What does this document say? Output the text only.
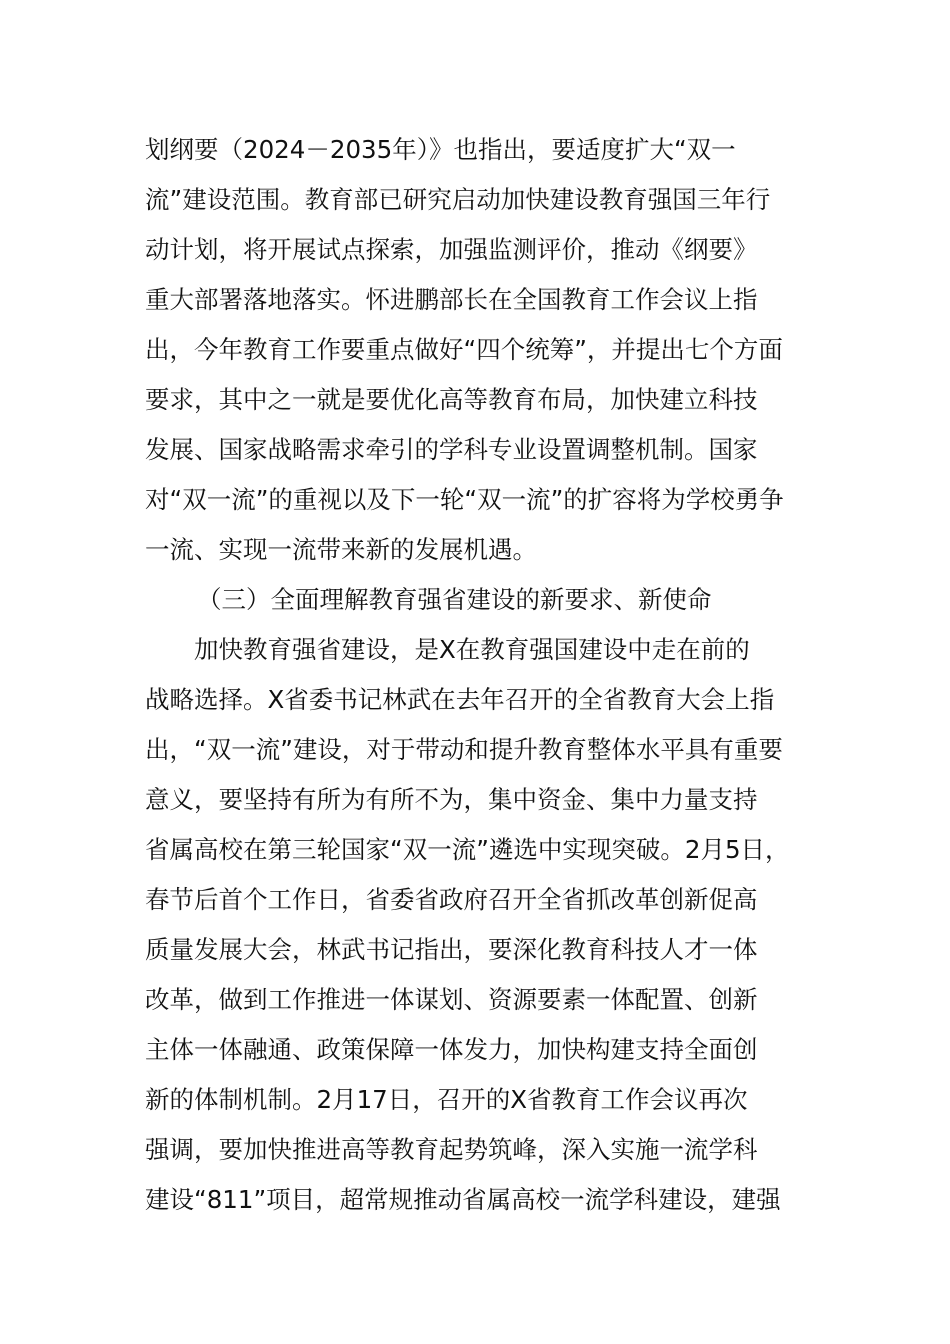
划纲要（2024－2035年）》也指出，要适度扩大“双一
流”建设范围。教育部已研究启动加快建设教育强国三年行
动计划，将开展试点探索，加强监测评价，推动《纲要》
重大部署落地落实。怀进鹏部长在全国教育工作会议上指
出，今年教育工作要重点做好“四个统筹”，并提出七个方面
要求，其中之一就是要优化高等教育布局，加快建立科技
发展、国家战略需求牵引的学科专业设置调整机制。国家
对“双一流”的重视以及下一轮“双一流”的扩容将为学校勇争
一流、实现一流带来新的发展机遇。
（三）全面理解教育强省建设的新要求、新使命
加快教育强省建设，是X在教育强国建设中走在前的
战略选择。X省委书记林武在去年召开的全省教育大会上指
出，“双一流”建设，对于带动和提升教育整体水平具有重要
意义，要坚持有所为有所不为，集中资金、集中力量支持
省属高校在第三轮国家“双一流”遴选中实现突破。2月5日，
春节后首个工作日，省委省政府召开全省抓改革创新促高
质量发展大会，林武书记指出，要深化教育科技人才一体
改革，做到工作推进一体谋划、资源要素一体配置、创新
主体一体融通、政策保障一体发力，加快构建支持全面创
新的体制机制。2月17日，召开的X省教育工作会议再次
强调，要加快推进高等教育起势筑峰，深入实施一流学科
建设“811”项目，超常规推动省属高校一流学科建设，建强
